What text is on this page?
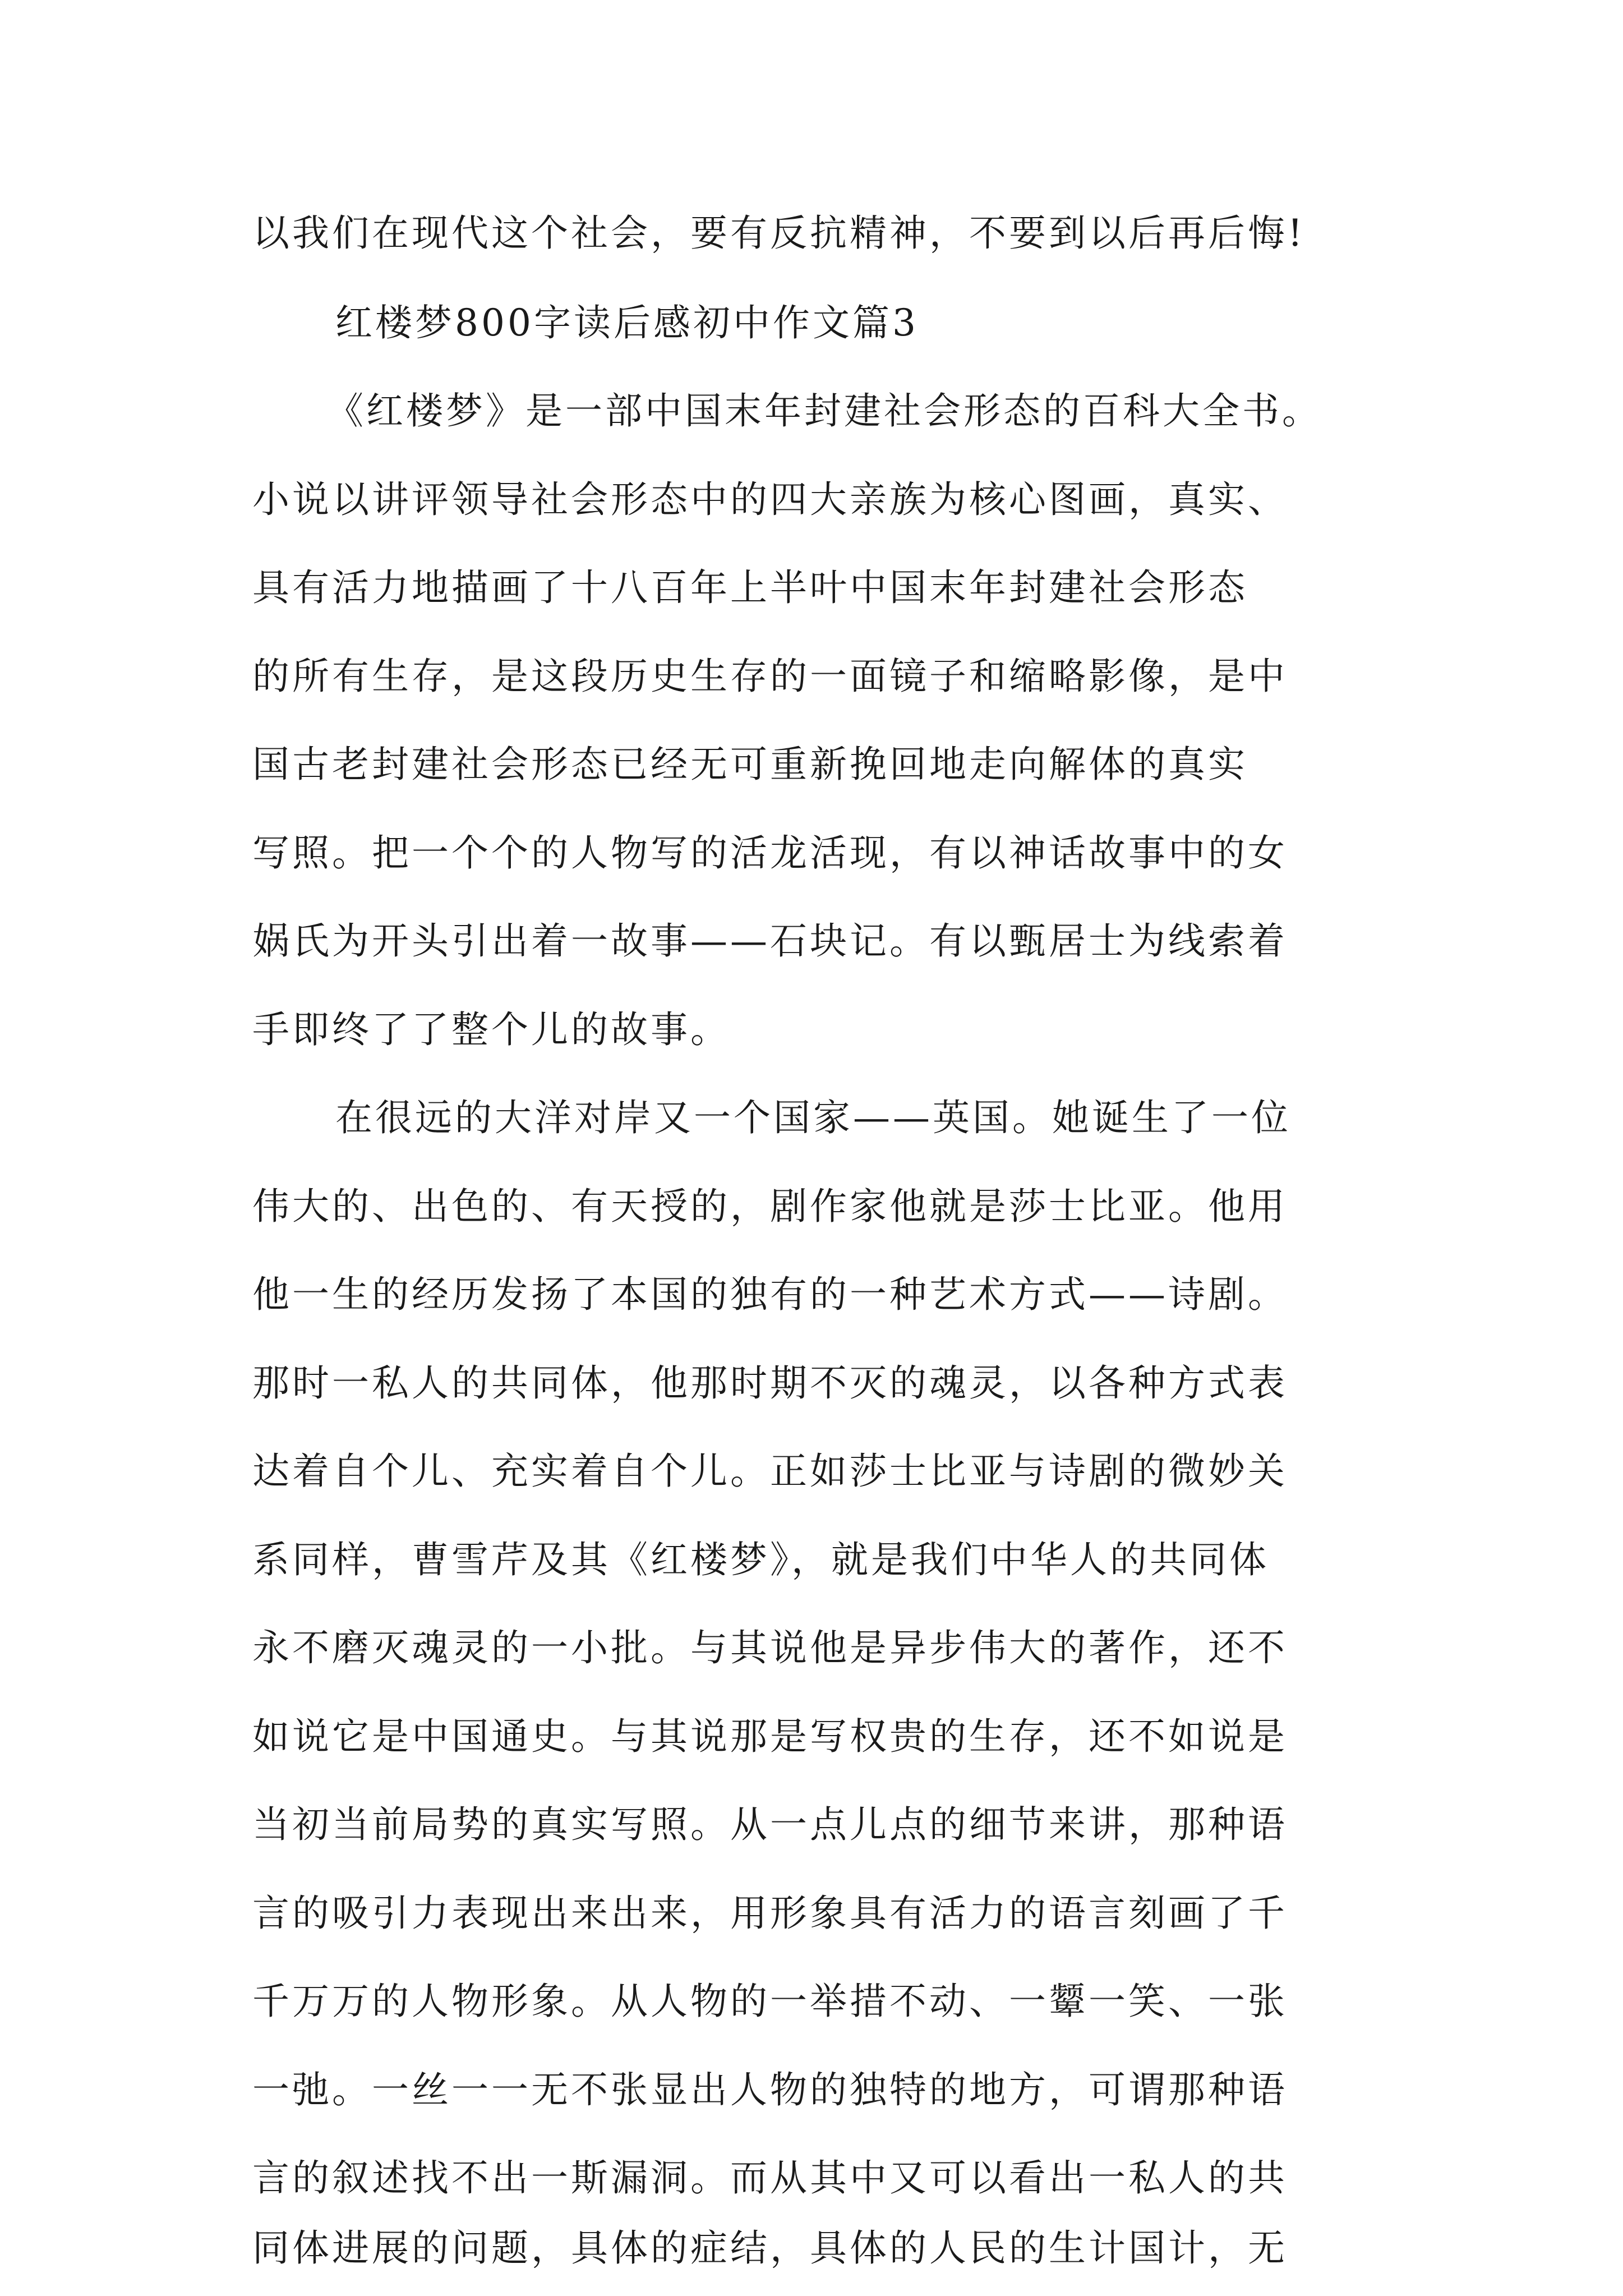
以我们在现代这个社会，要有反抗精神，不要到以后再后悔!
红楼梦800字读后感初中作文篇3
《红楼梦》是一部中国末年封建社会形态的百科大全书。
小说以讲评领导社会形态中的四大亲族为核心图画，真实、
具有活力地描画了十八百年上半叶中国末年封建社会形态
的所有生存，是这段历史生存的一面镜子和缩略影像，是中
国古老封建社会形态已经无可重新挽回地走向解体的真实
写照。把一个个的人物写的活龙活现，有以神话故事中的女
娲氏为开头引出着一故事——石块记。有以甄居士为线索着
手即终了了整个儿的故事。
在很远的大洋对岸又一个国家——英国。她诞生了一位
伟大的、出色的、有天授的，剧作家他就是莎士比亚。他用
他一生的经历发扬了本国的独有的一种艺术方式——诗剧。
那时一私人的共同体，他那时期不灭的魂灵，以各种方式表
达着自个儿、充实着自个儿。正如莎士比亚与诗剧的微妙关
系同样，曹雪芹及其《红楼梦》，就是我们中华人的共同体
永不磨灭魂灵的一小批。与其说他是异步伟大的著作，还不
如说它是中国通史。与其说那是写权贵的生存，还不如说是
当初当前局势的真实写照。从一点儿点的细节来讲，那种语
言的吸引力表现出来出来，用形象具有活力的语言刻画了千
千万万的人物形象。从人物的一举措不动、一颦一笑、一张
一弛。一丝一一无不张显出人物的独特的地方，可谓那种语
言的叙述找不出一斯漏洞。而从其中又可以看出一私人的共
同体进展的问题，具体的症结，具体的人民的生计国计，无
